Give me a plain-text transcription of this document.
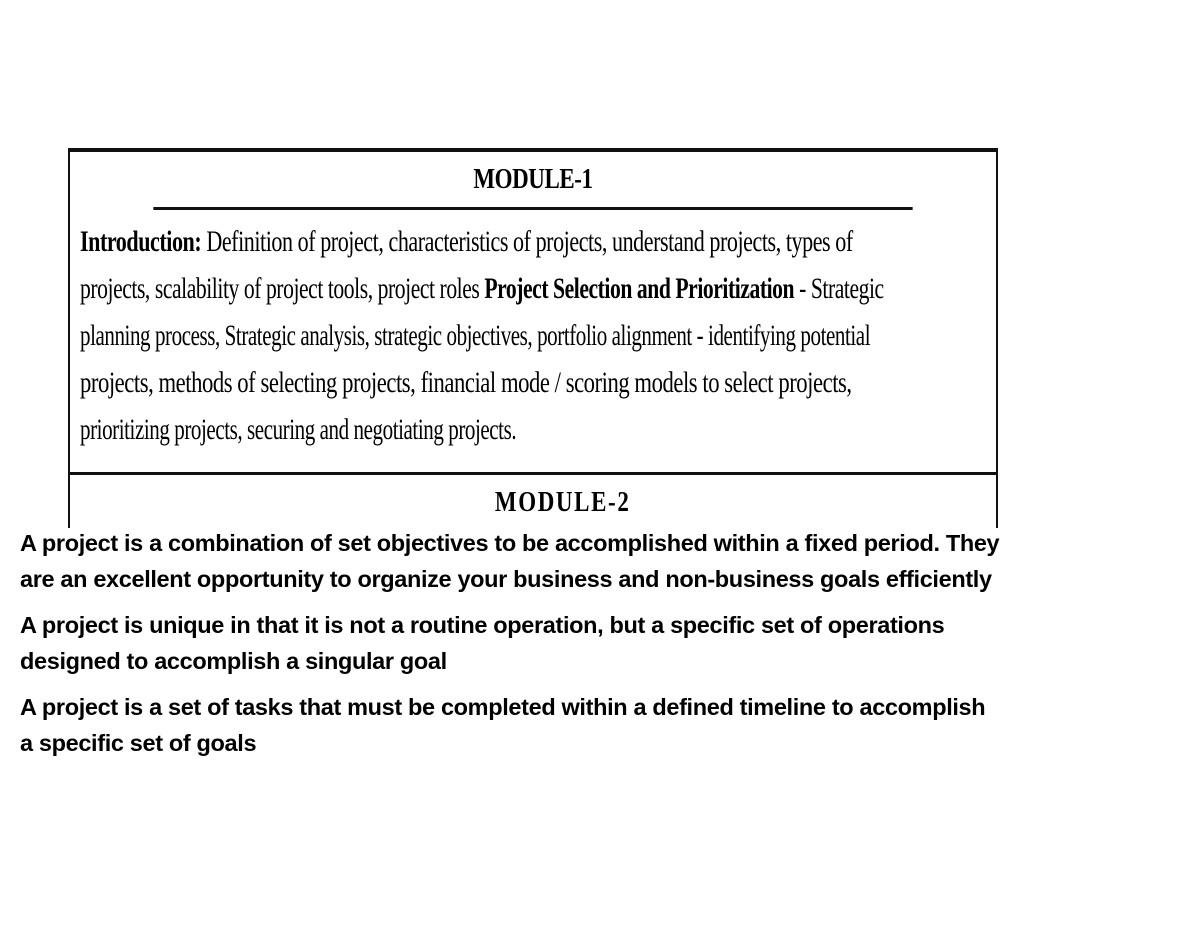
MODULE-1
Introduction: Definition of project, characteristics of projects, understand projects, types of
projects, scalability of project tools, project roles Project Selection and Prioritization - Strategic
planning process, Strategic analysis, strategic objectives, portfolio alignment - identifying potential
projects, methods of selecting projects, financial mode / scoring models to select projects,
prioritizing projects, securing and negotiating projects.
MODULE-2

A project is a combination of set objectives to be accomplished within a fixed period. They
are an excellent opportunity to organize your business and non-business goals efficiently

A project is unique in that it is not a routine operation, but a specific set of operations
designed to accomplish a singular goal

A project is a set of tasks that must be completed within a defined timeline to accomplish
a specific set of goals
